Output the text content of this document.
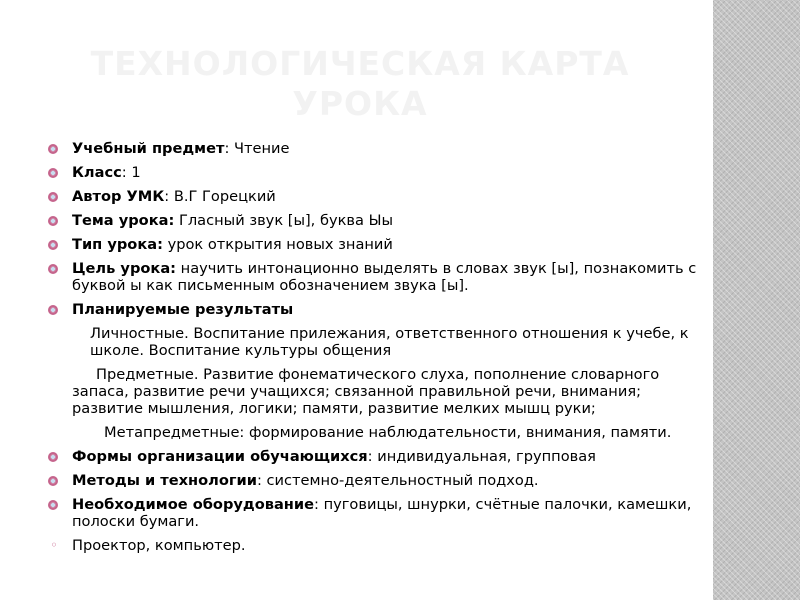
ТЕХНОЛОГИЧЕСКАЯ КАРТА
УРОКА
Учебный предмет: Чтение
Класс: 1
Автор УМК: В.Г Горецкий
Тема урока: Гласный звук [ы], буква Ыы
Тип урока: урок открытия новых знаний
Цель урока: научить интонационно выделять в словах звук [ы], познакомить с буквой ы как письменным обозначением звука [ы].
Планируемые результаты
Личностные. Воспитание прилежания, ответственного отношения к учебе, к школе. Воспитание культуры общения
Предметные. Развитие фонематического слуха, пополнение словарного
запаса, развитие речи учащихся; связанной правильной речи, внимания; развитие мышления, логики; памяти, развитие мелких мышц руки;
Метапредметные: формирование наблюдательности, внимания, памяти.
Формы организации обучающихся: индивидуальная, групповая
Методы и технологии: системно-деятельностный подход.
Необходимое оборудование: пуговицы, шнурки, счётные палочки, камешки, полоски бумаги.
◦ Проектор, компьютер.
